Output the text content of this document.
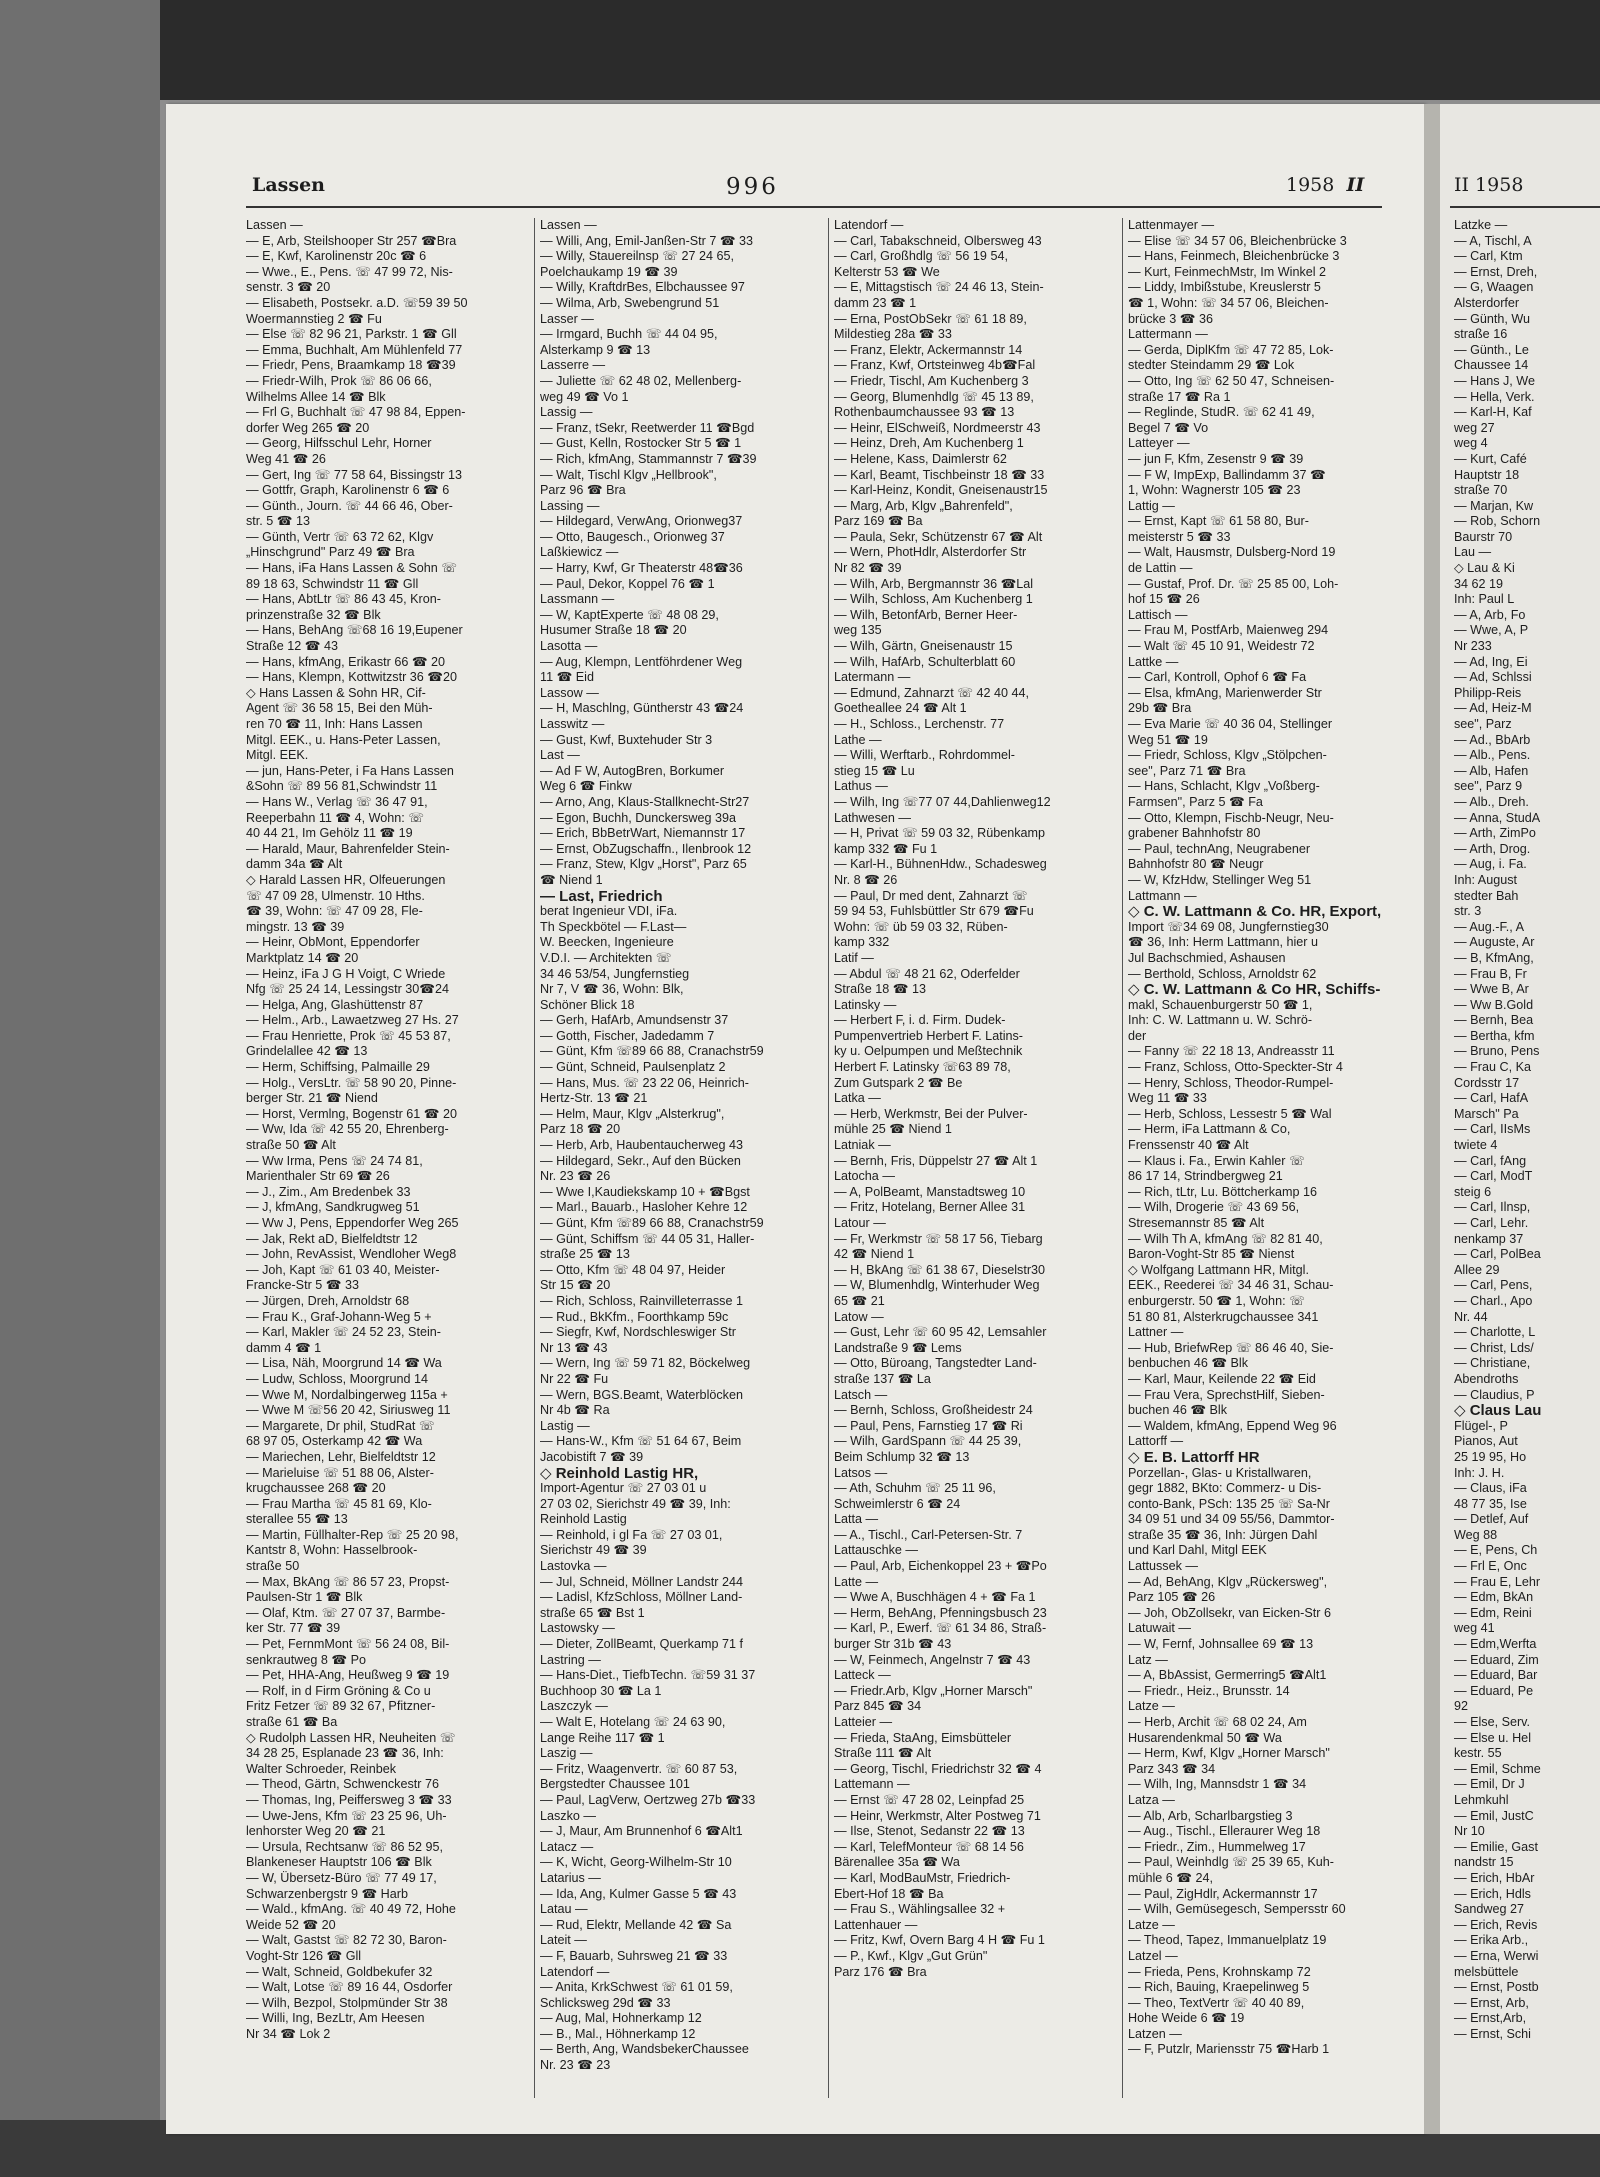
Lassen	996	1958 II
Lassen —
— E, Arb, Steilshooper Str 257 ☎Bra
— E, Kwf, Karolinenstr 20c ☎ 6
— Wwe., E., Pens. ☏ 47 99 72, Nis-
senstr. 3 ☎ 20
— Elisabeth, Postsekr. a.D. ☏59 39 50
Woermannstieg 2 ☎ Fu
— Else ☏ 82 96 21, Parkstr. 1 ☎ Gll
— Emma, Buchhalt, Am Mühlenfeld 77
— Friedr, Pens, Braamkamp 18 ☎39
— Friedr-Wilh, Prok ☏ 86 06 66,
Wilhelms Allee 14 ☎ Blk
— Frl G, Buchhalt ☏ 47 98 84, Eppen-
dorfer Weg 265 ☎ 20
— Georg, Hilfsschul Lehr, Horner
Weg 41 ☎ 26
— Gert, Ing ☏ 77 58 64, Bissingstr 13
— Gottfr, Graph, Karolinenstr 6 ☎ 6
— Günth., Journ. ☏ 44 66 46, Ober-
str. 5 ☎ 13
— Günth, Vertr ☏ 63 72 62, Klgv
„Hinschgrund" Parz 49 ☎ Bra
— Hans, iFa Hans Lassen & Sohn ☏
89 18 63, Schwindstr 11 ☎ Gll
— Hans, AbtLtr ☏ 86 43 45, Kron-
prinzenstraße 32 ☎ Blk
— Hans, BehAng ☏68 16 19,Eupener
Straße 12 ☎ 43
— Hans, kfmAng, Erikastr 66 ☎ 20
— Hans, Klempn, Kottwitzstr 36 ☎20
◇ Hans Lassen & Sohn HR, Cif-
Agent ☏ 36 58 15, Bei den Müh-
ren 70 ☎ 11, Inh: Hans Lassen
Mitgl. EEK., u. Hans-Peter Lassen,
Mitgl. EEK.
— jun, Hans-Peter, i Fa Hans Lassen
&Sohn ☏ 89 56 81,Schwindstr 11
— Hans W., Verlag ☏ 36 47 91,
Reeperbahn 11 ☎ 4, Wohn: ☏
40 44 21, Im Gehölz 11 ☎ 19
— Harald, Maur, Bahrenfelder Stein-
damm 34a ☎ Alt
◇ Harald Lassen HR, Olfeuerungen
☏ 47 09 28, Ulmenstr. 10 Hths.
☎ 39, Wohn: ☏ 47 09 28, Fle-
mingstr. 13 ☎ 39
— Heinr, ObMont, Eppendorfer
Marktplatz 14 ☎ 20
— Heinz, iFa J G H Voigt, C Wriede
Nfg ☏ 25 24 14, Lessingstr 30☎24
— Helga, Ang, Glashüttenstr 87
— Helm., Arb., Lawaetzweg 27 Hs. 27
— Frau Henriette, Prok ☏ 45 53 87,
Grindelallee 42 ☎ 13
— Herm, Schiffsing, Palmaille 29
— Holg., VersLtr. ☏ 58 90 20, Pinne-
berger Str. 21 ☎ Niend
— Horst, Vermlng, Bogenstr 61 ☎ 20
— Ww, Ida ☏ 42 55 20, Ehrenberg-
straße 50 ☎ Alt
— Ww Irma, Pens ☏ 24 74 81,
Marienthaler Str 69 ☎ 26
— J., Zim., Am Bredenbek 33
— J, kfmAng, Sandkrugweg 51
— Ww J, Pens, Eppendorfer Weg 265
— Jak, Rekt aD, Bielfeldtstr 12
— John, RevAssist, Wendloher Weg8
— Joh, Kapt ☏ 61 03 40, Meister-
Francke-Str 5 ☎ 33
— Jürgen, Dreh, Arnoldstr 68
— Frau K., Graf-Johann-Weg 5 +
— Karl, Makler ☏ 24 52 23, Stein-
damm 4 ☎ 1
— Lisa, Näh, Moorgrund 14 ☎ Wa
— Ludw, Schloss, Moorgrund 14
— Wwe M, Nordalbingerweg 115a +
— Wwe M ☏56 20 42, Siriusweg 11
— Margarete, Dr phil, StudRat ☏
68 97 05, Osterkamp 42 ☎ Wa
— Mariechen, Lehr, Bielfeldtstr 12
— Marieluise ☏ 51 88 06, Alster-
krugchaussee 268 ☎ 20
— Frau Martha ☏ 45 81 69, Klo-
sterallee 55 ☎ 13
— Martin, Füllhalter-Rep ☏ 25 20 98,
Kantstr 8, Wohn: Hasselbrook-
straße 50
— Max, BkAng ☏ 86 57 23, Propst-
Paulsen-Str 1 ☎ Blk
— Olaf, Ktm. ☏ 27 07 37, Barmbe-
ker Str. 77 ☎ 39
— Pet, FernmMont ☏ 56 24 08, Bil-
senkrautweg 8 ☎ Po
— Pet, HHA-Ang, Heußweg 9 ☎ 19
— Rolf, in d Firm Gröning & Co u
Fritz Fetzer ☏ 89 32 67, Pfitzner-
straße 61 ☎ Ba
◇ Rudolph Lassen HR, Neuheiten ☏
34 28 25, Esplanade 23 ☎ 36, Inh:
Walter Schroeder, Reinbek
— Theod, Gärtn, Schwenckestr 76
— Thomas, Ing, Peiffersweg 3 ☎ 33
— Uwe-Jens, Kfm ☏ 23 25 96, Uh-
lenhorster Weg 20 ☎ 21
— Ursula, Rechtsanw ☏ 86 52 95,
Blankeneser Hauptstr 106 ☎ Blk
— W, Übersetz-Büro ☏ 77 49 17,
Schwarzenbergstr 9 ☎ Harb
— Wald., kfmAng. ☏ 40 49 72, Hohe
Weide 52 ☎ 20
— Walt, Gastst ☏ 82 72 30, Baron-
Voght-Str 126 ☎ Gll
— Walt, Schneid, Goldbekufer 32
— Walt, Lotse ☏ 89 16 44, Osdorfer
— Wilh, Bezpol, Stolpmünder Str 38
— Willi, Ing, BezLtr, Am Heesen
Nr 34 ☎ Lok 2
Lassen —
— Willi, Ang, Emil-Janßen-Str 7 ☎ 33
— Willy, Stauereilnsp ☏ 27 24 65,
Poelchaukamp 19 ☎ 39
— Willy, KraftdrBes, Elbchaussee 97
— Wilma, Arb, Swebengrund 51
Lasser —
— Irmgard, Buchh ☏ 44 04 95,
Alsterkamp 9 ☎ 13
Lasserre —
— Juliette ☏ 62 48 02, Mellenberg-
weg 49 ☎ Vo 1
Lassig —
— Franz, tSekr, Reetwerder 11 ☎Bgd
— Gust, Kelln, Rostocker Str 5 ☎ 1
— Rich, kfmAng, Stammannstr 7 ☎39
— Walt, Tischl Klgv „Hellbrook",
Parz 96 ☎ Bra
Lassing —
— Hildegard, VerwAng, Orionweg37
— Otto, Baugesch., Orionweg 37
Laßkiewicz —
— Harry, Kwf, Gr Theaterstr 48☎36
— Paul, Dekor, Koppel 76 ☎ 1
Lassmann —
— W, KaptExperte ☏ 48 08 29,
Husumer Straße 18 ☎ 20
Lasotta —
— Aug, Klempn, Lentföhrdener Weg
11 ☎ Eid
Lassow —
— H, Maschlng, Güntherstr 43 ☎24
Lasswitz —
— Gust, Kwf, Buxtehuder Str 3
Last —
— Ad F W, AutogBren, Borkumer
Weg 6 ☎ Finkw
— Arno, Ang, Klaus-Stallknecht-Str27
— Egon, Buchh, Dunckersweg 39a
— Erich, BbBetrWart, Niemannstr 17
— Ernst, ObZugschaffn., Ilenbrook 12
— Franz, Stew, Klgv „Horst", Parz 65
☎ Niend 1
— Last, Friedrich
berat Ingenieur VDI, iFa.
Th Speckbötel — F.Last—
W. Beecken, Ingenieure
V.D.I. — Architekten ☏
34 46 53/54, Jungfernstieg
Nr 7, V ☎ 36, Wohn: Blk,
Schöner Blick 18
— Gerh, HafArb, Amundsenstr 37
— Gotth, Fischer, Jadedamm 7
— Günt, Kfm ☏89 66 88, Cranachstr59
— Günt, Schneid, Paulsenplatz 2
— Hans, Mus. ☏ 23 22 06, Heinrich-
Hertz-Str. 13 ☎ 21
— Helm, Maur, Klgv „Alsterkrug",
Parz 18 ☎ 20
— Herb, Arb, Haubentaucherweg 43
— Hildegard, Sekr., Auf den Bücken
Nr. 23 ☎ 26
— Wwe I,Kaudiekskamp 10 + ☎Bgst
— Marl., Bauarb., Hasloher Kehre 12
— Günt, Kfm ☏89 66 88, Cranachstr59
— Günt, Schiffsm ☏ 44 05 31, Haller-
straße 25 ☎ 13
— Otto, Kfm ☏ 48 04 97, Heider
Str 15 ☎ 20
— Rich, Schloss, Rainvilleterrasse 1
— Rud., BkKfm., Foorthkamp 59c
— Siegfr, Kwf, Nordschleswiger Str
Nr 13 ☎ 43
— Wern, Ing ☏ 59 71 82, Böckelweg
Nr 22 ☎ Fu
— Wern, BGS.Beamt, Waterblöcken
Nr 4b ☎ Ra
Lastig —
— Hans-W., Kfm ☏ 51 64 67, Beim
Jacobistift 7 ☎ 39
◇ Reinhold Lastig HR,
Import-Agentur ☏ 27 03 01 u
27 03 02, Sierichstr 49 ☎ 39, Inh:
Reinhold Lastig
— Reinhold, i gl Fa ☏ 27 03 01,
Sierichstr 49 ☎ 39
Lastovka —
— Jul, Schneid, Möllner Landstr 244
— Ladisl, KfzSchloss, Möllner Land-
straße 65 ☎ Bst 1
Lastowsky —
— Dieter, ZollBeamt, Querkamp 71 f
Lastring —
— Hans-Diet., TiefbTechn. ☏59 31 37
Buchhoop 30 ☎ La 1
Laszczyk —
— Walt E, Hotelang ☏ 24 63 90,
Lange Reihe 117 ☎ 1
Laszig —
— Fritz, Waagenvertr. ☏ 60 87 53,
Bergstedter Chaussee 101
— Paul, LagVerw, Oertzweg 27b ☎33
Laszko —
— J, Maur, Am Brunnenhof 6 ☎Alt1
Latacz —
— K, Wicht, Georg-Wilhelm-Str 10
Latarius —
— Ida, Ang, Kulmer Gasse 5 ☎ 43
Latau —
— Rud, Elektr, Mellande 42 ☎ Sa
Lateit —
— F, Bauarb, Suhrsweg 21 ☎ 33
Latendorf —
— Anita, KrkSchwest ☏ 61 01 59,
Schlicksweg 29d ☎ 33
— Aug, Mal, Hohnerkamp 12
— B., Mal., Höhnerkamp 12
— Berth, Ang, WandsbekerChaussee
Nr. 23 ☎ 23
Latendorf —
— Carl, Tabakschneid, Olbersweg 43
— Carl, Großhdlg ☏ 56 19 54,
Kelterstr 53 ☎ We
— E, Mittagstisch ☏ 24 46 13, Stein-
damm 23 ☎ 1
— Erna, PostObSekr ☏ 61 18 89,
Mildestieg 28a ☎ 33
— Franz, Elektr, Ackermannstr 14
— Franz, Kwf, Ortsteinweg 4b☎Fal
— Friedr, Tischl, Am Kuchenberg 3
— Georg, Blumenhdlg ☏ 45 13 89,
Rothenbaumchaussee 93 ☎ 13
— Heinr, ElSchweiß, Nordmeerstr 43
— Heinz, Dreh, Am Kuchenberg 1
— Helene, Kass, Daimlerstr 62
— Karl, Beamt, Tischbeinstr 18 ☎ 33
— Karl-Heinz, Kondit, Gneisenaustr15
— Marg, Arb, Klgv „Bahrenfeld",
Parz 169 ☎ Ba
— Paula, Sekr, Schützenstr 67 ☎ Alt
— Wern, PhotHdlr, Alsterdorfer Str
Nr 82 ☎ 39
— Wilh, Arb, Bergmannstr 36 ☎Lal
— Wilh, Schloss, Am Kuchenberg 1
— Wilh, BetonfArb, Berner Heer-
weg 135
— Wilh, Gärtn, Gneisenaustr 15
— Wilh, HafArb, Schulterblatt 60
Latermann —
— Edmund, Zahnarzt ☏ 42 40 44,
Goetheallee 24 ☎ Alt 1
— H., Schloss., Lerchenstr. 77
Lathe —
— Willi, Werftarb., Rohrdommel-
stieg 15 ☎ Lu
Lathus —
— Wilh, Ing ☏77 07 44,Dahlienweg12
Lathwesen —
— H, Privat ☏ 59 03 32, Rübenkamp
kamp 332 ☎ Fu 1
— Karl-H., BühnenHdw., Schadesweg
Nr. 8 ☎ 26
— Paul, Dr med dent, Zahnarzt ☏
59 94 53, Fuhlsbüttler Str 679 ☎Fu
Wohn: ☏ üb 59 03 32, Rüben-
kamp 332
Latif —
— Abdul ☏ 48 21 62, Oderfelder
Straße 18 ☎ 13
Latinsky —
— Herbert F, i. d. Firm. Dudek-
Pumpenvertrieb Herbert F. Latins-
ky u. Oelpumpen und Meßtechnik
Herbert F. Latinsky ☏63 89 78,
Zum Gutspark 2 ☎ Be
Latka —
— Herb, Werkmstr, Bei der Pulver-
mühle 25 ☎ Niend 1
Latniak —
— Bernh, Fris, Düppelstr 27 ☎ Alt 1
Latocha —
— A, PolBeamt, Manstadtsweg 10
— Fritz, Hotelang, Berner Allee 31
Latour —
— Fr, Werkmstr ☏ 58 17 56, Tiebarg
42 ☎ Niend 1
— H, BkAng ☏ 61 38 67, Dieselstr30
— W, Blumenhdlg, Winterhuder Weg
65 ☎ 21
Latow —
— Gust, Lehr ☏ 60 95 42, Lemsahler
Landstraße 9 ☎ Lems
— Otto, Büroang, Tangstedter Land-
straße 137 ☎ La
Latsch —
— Bernh, Schloss, Großheidestr 24
— Paul, Pens, Farnstieg 17 ☎ Ri
— Wilh, GardSpann ☏ 44 25 39,
Beim Schlump 32 ☎ 13
Latsos —
— Ath, Schuhm ☏ 25 11 96,
Schweimlerstr 6 ☎ 24
Latta —
— A., Tischl., Carl-Petersen-Str. 7
Lattauschke —
— Paul, Arb, Eichenkoppel 23 + ☎Po
Latte —
— Wwe A, Buschhägen 4 + ☎ Fa 1
— Herm, BehAng, Pfenningsbusch 23
— Karl, P., Ewerf. ☏ 61 34 86, Straß-
burger Str 31b ☎ 43
— W, Feinmech, Angelnstr 7 ☎ 43
Latteck —
— Friedr.Arb, Klgv „Horner Marsch"
Parz 845 ☎ 34
Latteier —
— Frieda, StaAng, Eimsbütteler
Straße 111 ☎ Alt
— Georg, Tischl, Friedrichstr 32 ☎ 4
Lattemann —
— Ernst ☏ 47 28 02, Leinpfad 25
— Heinr, Werkmstr, Alter Postweg 71
— Ilse, Stenot, Sedanstr 22 ☎ 13
— Karl, TelefMonteur ☏ 68 14 56
Bärenallee 35a ☎ Wa
— Karl, ModBauMstr, Friedrich-
Ebert-Hof 18 ☎ Ba
— Frau S., Wählingsallee 32 +
Lattenhauer —
— Fritz, Kwf, Overn Barg 4 H ☎ Fu 1
— P., Kwf., Klgv „Gut Grün"
Parz 176 ☎ Bra
Lattenmayer —
— Elise ☏ 34 57 06, Bleichenbrücke 3
— Hans, Feinmech, Bleichenbrücke 3
— Kurt, FeinmechMstr, Im Winkel 2
— Liddy, Imbißstube, Kreuslerstr 5
☎ 1, Wohn: ☏ 34 57 06, Bleichen-
brücke 3 ☎ 36
Lattermann —
— Gerda, DiplKfm ☏ 47 72 85, Lok-
stedter Steindamm 29 ☎ Lok
— Otto, Ing ☏ 62 50 47, Schneisen-
straße 17 ☎ Ra 1
— Reglinde, StudR. ☏ 62 41 49,
Begel 7 ☎ Vo
Latteyer —
— jun F, Kfm, Zesenstr 9 ☎ 39
— F W, ImpExp, Ballindamm 37 ☎
1, Wohn: Wagnerstr 105 ☎ 23
Lattig —
— Ernst, Kapt ☏ 61 58 80, Bur-
meisterstr 5 ☎ 33
— Walt, Hausmstr, Dulsberg-Nord 19
de Lattin —
— Gustaf, Prof. Dr. ☏ 25 85 00, Loh-
hof 15 ☎ 26
Lattisch —
— Frau M, PostfArb, Maienweg 294
— Walt ☏ 45 10 91, Weidestr 72
Lattke —
— Carl, Kontroll, Ophof 6 ☎ Fa
— Elsa, kfmAng, Marienwerder Str
29b ☎ Bra
— Eva Marie ☏ 40 36 04, Stellinger
Weg 51 ☎ 19
— Friedr, Schloss, Klgv „Stölpchen-
see", Parz 71 ☎ Bra
— Hans, Schlacht, Klgv „Voßberg-
Farmsen", Parz 5 ☎ Fa
— Otto, Klempn, Fischb-Neugr, Neu-
grabener Bahnhofstr 80
— Paul, technAng, Neugrabener
Bahnhofstr 80 ☎ Neugr
— W, KfzHdw, Stellinger Weg 51
Lattmann —
◇ C. W. Lattmann & Co. HR, Export,
Import ☏34 69 08, Jungfernstieg30
☎ 36, Inh: Herm Lattmann, hier u
Jul Bachschmied, Ashausen
— Berthold, Schloss, Arnoldstr 62
◇ C. W. Lattmann & Co HR, Schiffs-
makl, Schauenburgerstr 50 ☎ 1,
Inh: C. W. Lattmann u. W. Schrö-
der
— Fanny ☏ 22 18 13, Andreasstr 11
— Franz, Schloss, Otto-Speckter-Str 4
— Henry, Schloss, Theodor-Rumpel-
Weg 11 ☎ 33
— Herb, Schloss, Lessestr 5 ☎ Wal
— Herm, iFa Lattmann & Co,
Frenssenstr 40 ☎ Alt
— Klaus i. Fa., Erwin Kahler ☏
86 17 14, Strindbergweg 21
— Rich, tLtr, Lu. Böttcherkamp 16
— Wilh, Drogerie ☏ 43 69 56,
Stresemannstr 85 ☎ Alt
— Wilh Th A, kfmAng ☏ 82 81 40,
Baron-Voght-Str 85 ☎ Nienst
◇ Wolfgang Lattmann HR, Mitgl.
EEK., Reederei ☏ 34 46 31, Schau-
enburgerstr. 50 ☎ 1, Wohn: ☏
51 80 81, Alsterkrugchaussee 341
Lattner —
— Hub, BriefwRep ☏ 86 46 40, Sie-
benbuchen 46 ☎ Blk
— Karl, Maur, Keilende 22 ☎ Eid
— Frau Vera, SprechstHilf, Sieben-
buchen 46 ☎ Blk
— Waldem, kfmAng, Eppend Weg 96
Lattorff —
◇ E. B. Lattorff HR
Porzellan-, Glas- u Kristallwaren,
gegr 1882, BKto: Commerz- u Dis-
conto-Bank, PSch: 135 25 ☏ Sa-Nr
34 09 51 und 34 09 55/56, Dammtor-
straße 35 ☎ 36, Inh: Jürgen Dahl
und Karl Dahl, Mitgl EEK
Lattussek —
— Ad, BehAng, Klgv „Rückersweg",
Parz 105 ☎ 26
— Joh, ObZollsekr, van Eicken-Str 6
Latuwait —
— W, Fernf, Johnsallee 69 ☎ 13
Latz —
— A, BbAssist, Germerring5 ☎Alt1
— Friedr., Heiz., Brunsstr. 14
Latze —
— Herb, Archit ☏ 68 02 24, Am
Husarendenkmal 50 ☎ Wa
— Herm, Kwf, Klgv „Horner Marsch"
Parz 343 ☎ 34
— Wilh, Ing, Mannsdstr 1 ☎ 34
Latza —
— Alb, Arb, Scharlbargstieg 3
— Aug., Tischl., Elleraurer Weg 18
— Friedr., Zim., Hummelweg 17
— Paul, Weinhdlg ☏ 25 39 65, Kuh-
mühle 6 ☎ 24,
— Paul, ZigHdlr, Ackermannstr 17
— Wilh, Gemüsegesch, Sempersstr 60
Latze —
— Theod, Tapez, Immanuelplatz 19
Latzel —
— Frieda, Pens, Krohnskamp 72
— Rich, Bauing, Kraepelinweg 5
— Theo, TextVertr ☏ 40 40 89,
Hohe Weide 6 ☎ 19
Latzen —
— F, Putzlr, Mariensstr 75 ☎Harb 1
II 1958
Latzke —
— A, Tischl, A
— Carl, Ktm
— Ernst, Dreh,
— G, Waagen
Alsterdorfer
— Günth, Wu
straße 16
— Günth., Le
Chaussee 14
— Hans J, We
— Hella, Verk.
— Karl-H, Kaf
weg 27
weg 4
— Kurt, Café
Hauptstr 18
straße 70
— Marjan, Kw
— Rob, Schorn
Baurstr 70
Lau —
◇ Lau & Ki
34 62 19
Inh: Paul L
— A, Arb, Fo
— Wwe, A, P
Nr 233
— Ad, Ing, Ei
— Ad, Schlssi
Philipp-Reis
— Ad, Heiz-M
see", Parz
— Ad., BbArb
— Alb., Pens.
— Alb, Hafen
see", Parz 9
— Alb., Dreh.
— Anna, StudA
— Arth, ZimPo
— Arth, Drog.
— Aug, i. Fa.
Inh: August
stedter Bah
str. 3
— Aug.-F., A
— Auguste, Ar
— B, KfmAng,
— Frau B, Fr
— Wwe B, Ar
— Ww B.Gold
— Bernh, Bea
— Bertha, kfm
— Bruno, Pens
— Frau C, Ka
Cordsstr 17
— Carl, HafA
Marsch" Pa
— Carl, IIsMs
twiete 4
— Carl, fAng
— Carl, ModT
steig 6
— Carl, Ilnsp,
— Carl, Lehr.
nenkamp 37
— Carl, PolBea
Allee 29
— Carl, Pens,
— Charl., Apo
Nr. 44
— Charlotte, L
— Christ, Lds/
— Christiane,
Abendroths
— Claudius, P
◇ Claus Lau
Flügel-, P
Pianos, Aut
25 19 95, Ho
Inh: J. H.
— Claus, iFa
48 77 35, Ise
— Detlef, Auf
Weg 88
— E, Pens, Ch
— Frl E, Onc
— Frau E, Lehr
— Edm, BkAn
— Edm, Reini
weg 41
— Edm,Werfta
— Eduard, Zim
— Eduard, Bar
— Eduard, Pe
92
— Else, Serv.
— Else u. Hel
kestr. 55
— Emil, Schme
— Emil, Dr J
Lehmkuhl
— Emil, JustC
Nr 10
— Emilie, Gast
nandstr 15
— Erich, HbAr
— Erich, Hdls
Sandweg 27
— Erich, Revis
— Erika Arb.,
— Erna, Werwi
melsbüttele
— Ernst, Postb
— Ernst, Arb,
— Ernst,Arb,
— Ernst, Schi
